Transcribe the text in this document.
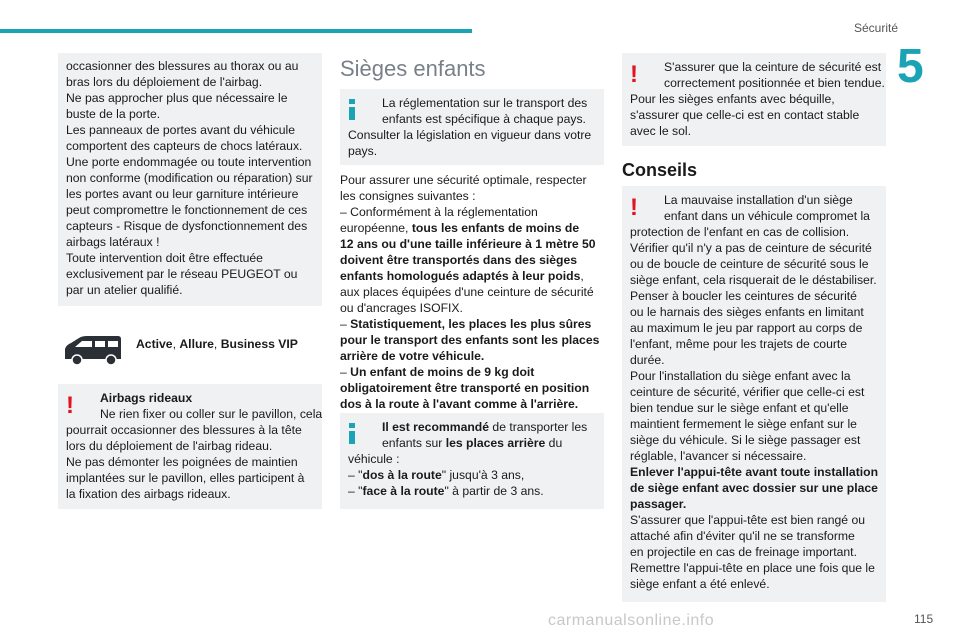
Sécurité
5
occasionner des blessures au thorax ou au
bras lors du déploiement de l'airbag.
Ne pas approcher plus que nécessaire le
buste de la porte.
Les panneaux de portes avant du véhicule
comportent des capteurs de chocs latéraux.
Une porte endommagée ou toute intervention
non conforme (modification ou réparation) sur
les portes avant ou leur garniture intérieure
peut compromettre le fonctionnement de ces
capteurs - Risque de dysfonctionnement des
airbags latéraux !
Toute intervention doit être effectuée
exclusivement par le réseau PEUGEOT ou
par un atelier qualifié.
Active, Allure, Business VIP
!	Airbags rideaux
Ne rien fixer ou coller sur le pavillon, cela
pourrait occasionner des blessures à la tête
lors du déploiement de l'airbag rideau.
Ne pas démonter les poignées de maintien
implantées sur le pavillon, elles participent à
la fixation des airbags rideaux.
Sièges enfants
La réglementation sur le transport des
enfants est spécifique à chaque pays.
Consulter la législation en vigueur dans votre
pays.
Pour assurer une sécurité optimale, respecter
les consignes suivantes :
– Conformément à la réglementation
européenne, tous les enfants de moins de
12 ans ou d'une taille inférieure à 1 mètre 50
doivent être transportés dans des sièges
enfants homologués adaptés à leur poids,
aux places équipées d'une ceinture de sécurité
ou d'ancrages ISOFIX.
– Statistiquement, les places les plus sûres
pour le transport des enfants sont les places
arrière de votre véhicule.
– Un enfant de moins de 9 kg doit
obligatoirement être transporté en position
dos à la route à l'avant comme à l'arrière.
Il est recommandé de transporter les
enfants sur les places arrière du
véhicule :
– "dos à la route" jusqu'à 3 ans,
– "face à la route" à partir de 3 ans.
!	S'assurer que la ceinture de sécurité est
correctement positionnée et bien tendue.
Pour les sièges enfants avec béquille,
s'assurer que celle-ci est en contact stable
avec le sol.
Conseils
!	La mauvaise installation d'un siège
enfant dans un véhicule compromet la
protection de l'enfant en cas de collision.
Vérifier qu'il n'y a pas de ceinture de sécurité
ou de boucle de ceinture de sécurité sous le
siège enfant, cela risquerait de le déstabiliser.
Penser à boucler les ceintures de sécurité
ou le harnais des sièges enfants en limitant
au maximum le jeu par rapport au corps de
l'enfant, même pour les trajets de courte
durée.
Pour l'installation du siège enfant avec la
ceinture de sécurité, vérifier que celle-ci est
bien tendue sur le siège enfant et qu'elle
maintient fermement le siège enfant sur le
siège du véhicule. Si le siège passager est
réglable, l'avancer si nécessaire.
Enlever l'appui-tête avant toute installation
de siège enfant avec dossier sur une place
passager.
S'assurer que l'appui-tête est bien rangé ou
attaché afin d'éviter qu'il ne se transforme
en projectile en cas de freinage important.
Remettre l'appui-tête en place une fois que le
siège enfant a été enlevé.
carmanualsonline.info	115
